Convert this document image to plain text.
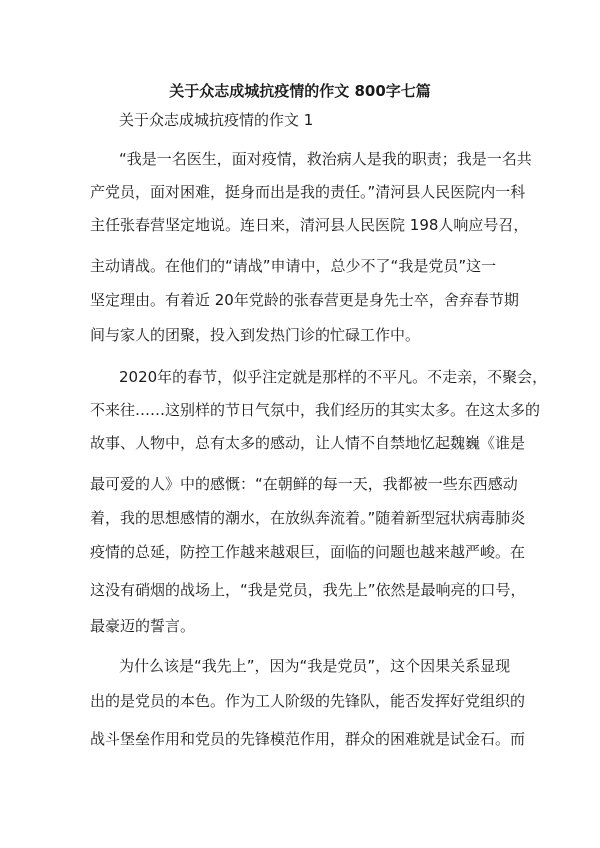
关于众志成城抗疫情的作文 800字七篇
关于众志成城抗疫情的作文 1
“我是一名医生，面对疫情，救治病人是我的职责；我是一名共
产党员，面对困难，挺身而出是我的责任。”清河县人民医院内一科
主任张春营坚定地说。连日来，清河县人民医院 198人响应号召，
主动请战。在他们的“请战”申请中，总少不了“我是党员”这一
坚定理由。有着近 20年党龄的张春营更是身先士卒，舍弃春节期
间与家人的团聚，投入到发热门诊的忙碌工作中。
2020年的春节，似乎注定就是那样的不平凡。不走亲，不聚会，
不来往……这别样的节日气氛中，我们经历的其实太多。在这太多的
故事、人物中，总有太多的感动，让人情不自禁地忆起魏巍《谁是
最可爱的人》中的感慨：“在朝鲜的每一天，我都被一些东西感动
着，我的思想感情的潮水，在放纵奔流着。”随着新型冠状病毒肺炎
疫情的总延，防控工作越来越艰巨，面临的问题也越来越严峻。在
这没有硝烟的战场上，“我是党员，我先上”依然是最响亮的口号，
最豪迈的誓言。
为什么该是“我先上”，因为“我是党员”，这个因果关系显现
出的是党员的本色。作为工人阶级的先锋队，能否发挥好党组织的
战斗堡垒作用和党员的先锋模范作用，群众的困难就是试金石。而
